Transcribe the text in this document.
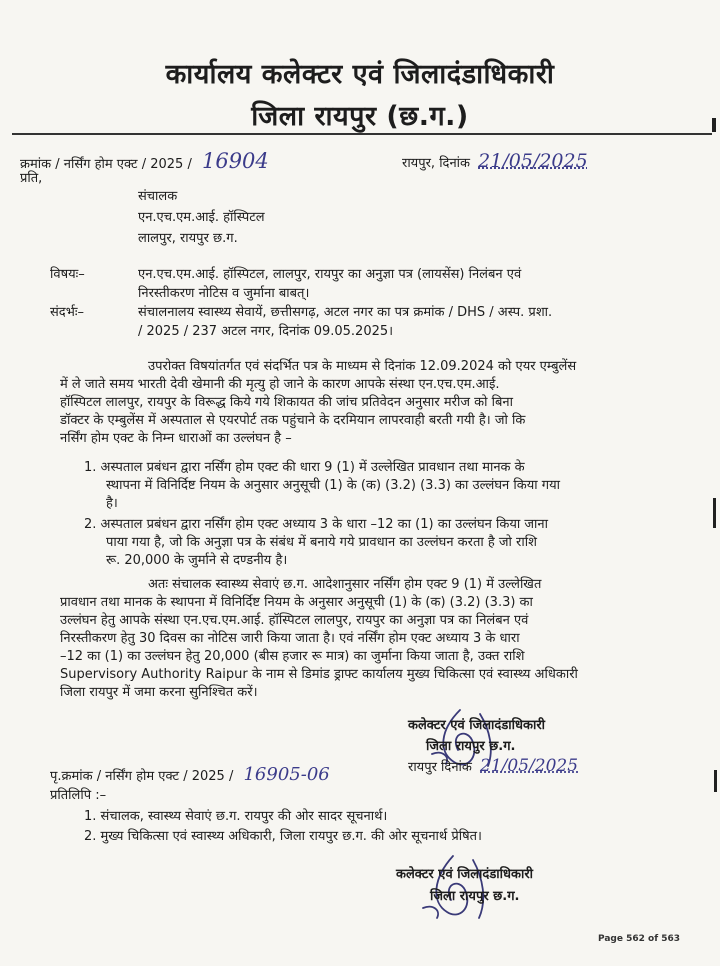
कार्यालय कलेक्टर एवं जिलादंडाधिकारी
जिला रायपुर (छ.ग.)
क्रमांक / नर्सिंग होम एक्ट / 2025 / 16904	रायपुर, दिनांक 21/05/2025
प्रति,
संचालक
एन.एच.एम.आई. हॉस्पिटल
लालपुर, रायपुर छ.ग.
विषयः–	एन.एच.एम.आई. हॉस्पिटल, लालपुर, रायपुर का अनुज्ञा पत्र (लायसेंस) निलंबन एवं
निरस्तीकरण नोटिस व जुर्माना बाबत्।
संदर्भः–	संचालनालय स्वास्थ्य सेवायें, छत्तीसगढ़, अटल नगर का पत्र क्रमांक / DHS / अस्प. प्रशा.
/ 2025 / 237 अटल नगर, दिनांक 09.05.2025।
उपरोक्त विषयांतर्गत एवं संदर्भित पत्र के माध्यम से दिनांक 12.09.2024 को एयर एम्बुलेंस
में ले जाते समय भारती देवी खेमानी की मृत्यु हो जाने के कारण आपके संस्था एन.एच.एम.आई.
हॉस्पिटल लालपुर, रायपुर के विरूद्ध किये गये शिकायत की जांच प्रतिवेदन अनुसार मरीज को बिना
डॉक्टर के एम्बुलेंस में अस्पताल से एयरपोर्ट तक पहुंचाने के दरमियान लापरवाही बरती गयी है। जो कि
नर्सिंग होम एक्ट के निम्न धाराओं का उल्लंघन है –
1. अस्पताल प्रबंधन द्वारा नर्सिंग होम एक्ट की धारा 9 (1) में उल्लेखित प्रावधान तथा मानक के
स्थापना में विनिर्दिष्ट नियम के अनुसार अनुसूची (1) के (क) (3.2) (3.3) का उल्लंघन किया गया
है।
2. अस्पताल प्रबंधन द्वारा नर्सिंग होम एक्ट अध्याय 3 के धारा –12 का (1) का उल्लंघन किया जाना
पाया गया है, जो कि अनुज्ञा पत्र के संबंध में बनाये गये प्रावधान का उल्लंघन करता है जो राशि
रू. 20,000 के जुर्माने से दण्डनीय है।
अतः संचालक स्वास्थ्य सेवाएं छ.ग. आदेशानुसार नर्सिंग होम एक्ट 9 (1) में उल्लेखित
प्रावधान तथा मानक के स्थापना में विनिर्दिष्ट नियम के अनुसार अनुसूची (1) के (क) (3.2) (3.3) का
उल्लंघन हेतु आपके संस्था एन.एच.एम.आई. हॉस्पिटल लालपुर, रायपुर का अनुज्ञा पत्र का निलंबन एवं
निरस्तीकरण हेतु 30 दिवस का नोटिस जारी किया जाता है। एवं नर्सिंग होम एक्ट अध्याय 3 के धारा
–12 का (1) का उल्लंघन हेतु 20,000 (बीस हजार रू मात्र) का जुर्माना किया जाता है, उक्त राशि
Supervisory Authority Raipur के नाम से डिमांड ड्राफ्ट कार्यालय मुख्य चिकित्सा एवं स्वास्थ्य अधिकारी
जिला रायपुर में जमा करना सुनिश्चित करें।
कलेक्टर एवं जिलादंडाधिकारी
जिला रायपुर छ.ग.
रायपुर दिनांक 21/05/2025
पृ.क्रमांक / नर्सिंग होम एक्ट / 2025 / 16905-06
प्रतिलिपि :–
1. संचालक, स्वास्थ्य सेवाएं छ.ग. रायपुर की ओर सादर सूचनार्थ।
2. मुख्य चिकित्सा एवं स्वास्थ्य अधिकारी, जिला रायपुर छ.ग. की ओर सूचनार्थ प्रेषित।
कलेक्टर एवं जिलादंडाधिकारी
जिला रायपुर छ.ग.
Page 562 of 563
